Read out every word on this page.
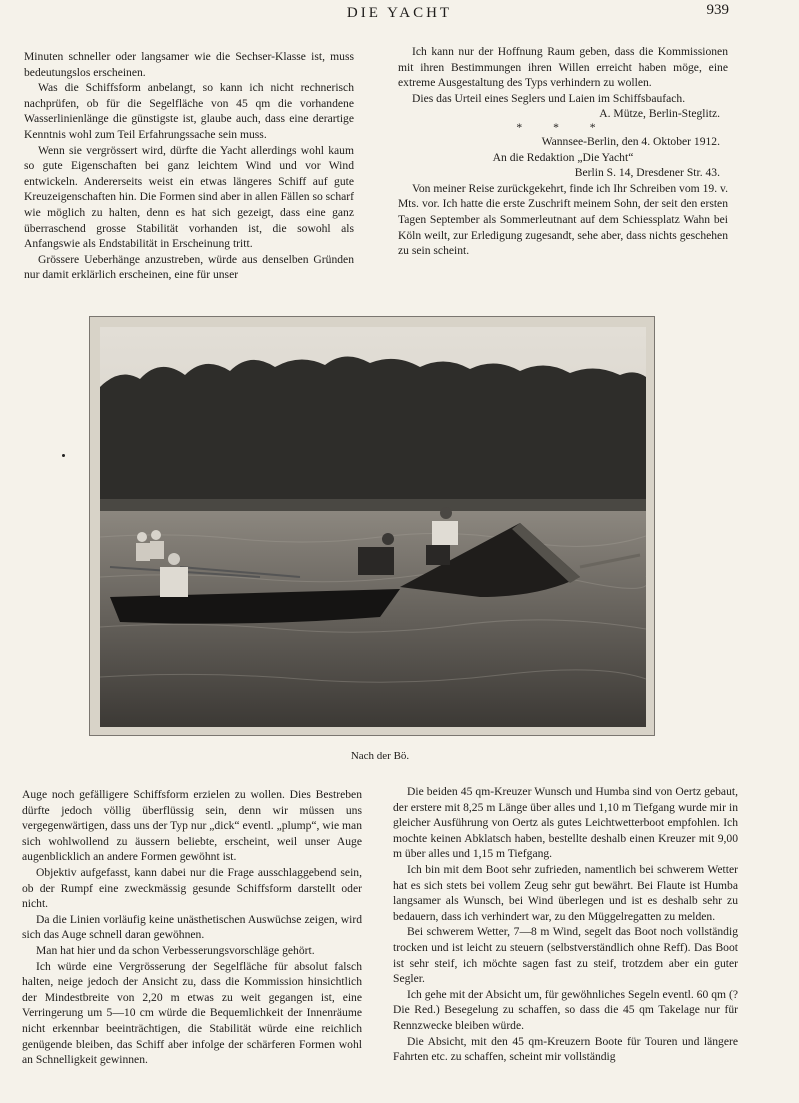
DIE YACHT	939

Minuten schneller oder langsamer wie die Sechser-Klasse ist, muss bedeutungslos erscheinen.

Was die Schiffsform anbelangt, so kann ich nicht rechnerisch nachprüfen, ob für die Segelfläche von 45 qm die vorhandene Wasserlinienlänge die günstigste ist, glaube auch, dass eine derartige Kenntnis wohl zum Teil Erfahrungssache sein muss.

Wenn sie vergrössert wird, dürfte die Yacht allerdings wohl kaum so gute Eigenschaften bei ganz leichtem Wind und vor Wind entwickeln. Andererseits weist ein etwas längeres Schiff auf gute Kreuzeigenschaften hin. Die Formen sind aber in allen Fällen so scharf wie möglich zu halten, denn es hat sich gezeigt, dass eine ganz überraschend grosse Stabilität vorhanden ist, die sowohl als Anfangswie als Endstabilität in Erscheinung tritt.

Grössere Ueberhänge anzustreben, würde aus denselben Gründen nur damit erklärlich erscheinen, eine für unser

Ich kann nur der Hoffnung Raum geben, dass die Kommissionen mit ihren Bestimmungen ihren Willen erreicht haben möge, eine extreme Ausgestaltung des Typs verhindern zu wollen.

Dies das Urteil eines Seglers und Laien im Schiffsbaufach.

A. Mütze, Berlin-Steglitz.

* * *

Wannsee-Berlin, den 4. Oktober 1912.

An die Redaktion „Die Yacht“

Berlin S. 14, Dresdener Str. 43.

Von meiner Reise zurückgekehrt, finde ich Ihr Schreiben vom 19. v. Mts. vor. Ich hatte die erste Zuschrift meinem Sohn, der seit den ersten Tagen September als Sommerleutnant auf dem Schiessplatz Wahn bei Köln weilt, zur Erledigung zugesandt, sehe aber, dass nichts geschehen zu sein scheint.

Nach der Bö.

Auge noch gefälligere Schiffsform erzielen zu wollen. Dies Bestreben dürfte jedoch völlig überflüssig sein, denn wir müssen uns vergegenwärtigen, dass uns der Typ nur „dick“ eventl. „plump“, wie man sich wohlwollend zu äussern beliebte, erscheint, weil unser Auge augenblicklich an andere Formen gewöhnt ist.

Objektiv aufgefasst, kann dabei nur die Frage ausschlaggebend sein, ob der Rumpf eine zweckmässig gesunde Schiffsform darstellt oder nicht.

Da die Linien vorläufig keine unästhetischen Auswüchse zeigen, wird sich das Auge schnell daran gewöhnen.

Man hat hier und da schon Verbesserungsvorschläge gehört.

Ich würde eine Vergrösserung der Segelfläche für absolut falsch halten, neige jedoch der Ansicht zu, dass die Kommission hinsichtlich der Mindestbreite von 2,20 m etwas zu weit gegangen ist, eine Verringerung um 5—10 cm würde die Bequemlichkeit der Innenräume nicht erkennbar beeinträchtigen, die Stabilität würde eine reichlich genügende bleiben, das Schiff aber infolge der schärferen Formen wohl an Schnelligkeit gewinnen.

Die beiden 45 qm-Kreuzer Wunsch und Humba sind von Oertz gebaut, der erstere mit 8,25 m Länge über alles und 1,10 m Tiefgang wurde mir in gleicher Ausführung von Oertz als gutes Leichtwetterboot empfohlen. Ich mochte keinen Abklatsch haben, bestellte deshalb einen Kreuzer mit 9,00 m über alles und 1,15 m Tiefgang.

Ich bin mit dem Boot sehr zufrieden, namentlich bei schwerem Wetter hat es sich stets bei vollem Zeug sehr gut bewährt. Bei Flaute ist Humba langsamer als Wunsch, bei Wind überlegen und ist es deshalb sehr zu bedauern, dass ich verhindert war, zu den Müggelregatten zu melden.

Bei schwerem Wetter, 7—8 m Wind, segelt das Boot noch vollständig trocken und ist leicht zu steuern (selbstverständlich ohne Reff). Das Boot ist sehr steif, ich möchte sagen fast zu steif, trotzdem aber ein guter Segler.

Ich gehe mit der Absicht um, für gewöhnliches Segeln eventl. 60 qm (? Die Red.) Besegelung zu schaffen, so dass die 45 qm Takelage nur für Rennzwecke bleiben würde.

Die Absicht, mit den 45 qm-Kreuzern Boote für Touren und längere Fahrten etc. zu schaffen, scheint mir vollständig
